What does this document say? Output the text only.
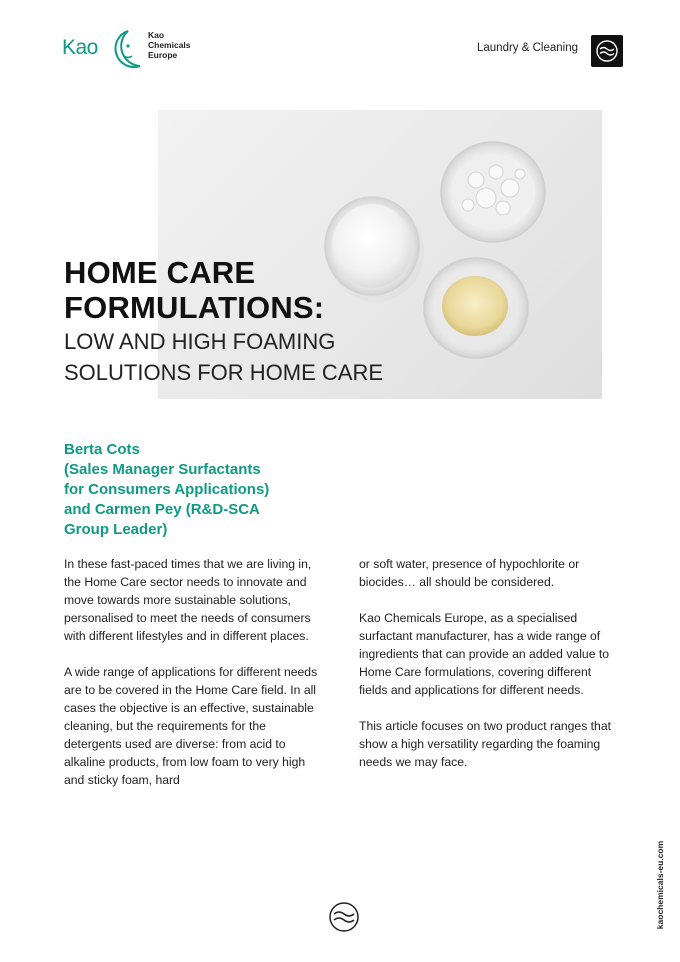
Kao
Kao
Chemicals
Europe
Laundry & Cleaning
HOME CARE
FORMULATIONS:
LOW AND HIGH FOAMING
SOLUTIONS FOR HOME CARE
Berta Cots
(Sales Manager Surfactants
for Consumers Applications)
and Carmen Pey (R&D-SCA
Group Leader)

In these fast-paced times that we are living in, the Home Care sector needs to innovate and move towards more sustainable solutions, personalised to meet the needs of consumers with different lifestyles and in different places.

A wide range of applications for different needs are to be covered in the Home Care field. In all cases the objective is an effective, sustainable cleaning, but the requirements for the detergents used are diverse: from acid to alkaline products, from low foam to very high and sticky foam, hard

or soft water, presence of hypochlorite or biocides… all should be considered.

Kao Chemicals Europe, as a specialised surfactant manufacturer, has a wide range of ingredients that can provide an added value to Home Care formulations, covering different fields and applications for different needs.

This article focuses on two product ranges that show a high versatility regarding the foaming needs we may face.

kaochemicals-eu.com
